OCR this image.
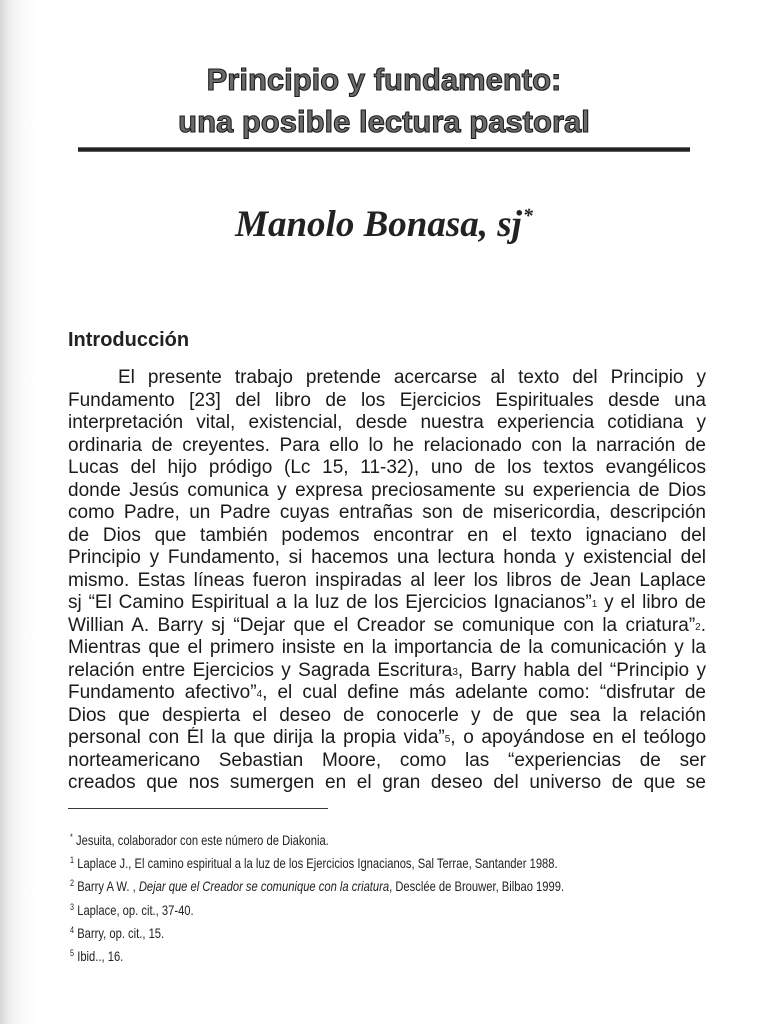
Principio y fundamento:
una posible lectura pastoral
Manolo Bonasa, sj*
Introducción
El presente trabajo pretende acercarse al texto del Principio y
Fundamento [23] del libro de los Ejercicios Espirituales desde una
interpretación vital, existencial, desde nuestra experiencia cotidiana y
ordinaria de creyentes. Para ello lo he relacionado con la narración de
Lucas del hijo pródigo (Lc 15, 11-32), uno de los textos evangélicos
donde Jesús comunica y expresa preciosamente su experiencia de Dios
como Padre, un Padre cuyas entrañas son de misericordia, descripción
de Dios que también podemos encontrar en el texto ignaciano del
Principio y Fundamento, si hacemos una lectura honda y existencial del
mismo. Estas líneas fueron inspiradas al leer los libros de Jean Laplace
sj “El Camino Espiritual a la luz de los Ejercicios Ignacianos”1 y el libro de
Willian A. Barry sj “Dejar que el Creador se comunique con la criatura”2.
Mientras que el primero insiste en la importancia de la comunicación y la
relación entre Ejercicios y Sagrada Escritura3, Barry habla del “Principio y
Fundamento afectivo”4, el cual define más adelante como: “disfrutar de
Dios que despierta el deseo de conocerle y de que sea la relación
personal con Él la que dirija la propia vida”5, o apoyándose en el teólogo
norteamericano Sebastian Moore, como las “experiencias de ser
creados que nos sumergen en el gran deseo del universo de que se
* Jesuita, colaborador con este número de Diakonia.
$^1$ Laplace J., El camino espiritual a la luz de los Ejercicios Ignacianos, Sal Terrae, Santander 1988.
$^2$ Barry A W. , Dejar que el Creador se comunique con la criatura, Desclée de Brouwer, Bilbao 1999.
$^3$ Laplace, op. cit., 37-40.
$^4$ Barry, op. cit., 15.
$^5$ Ibid.., 16.
